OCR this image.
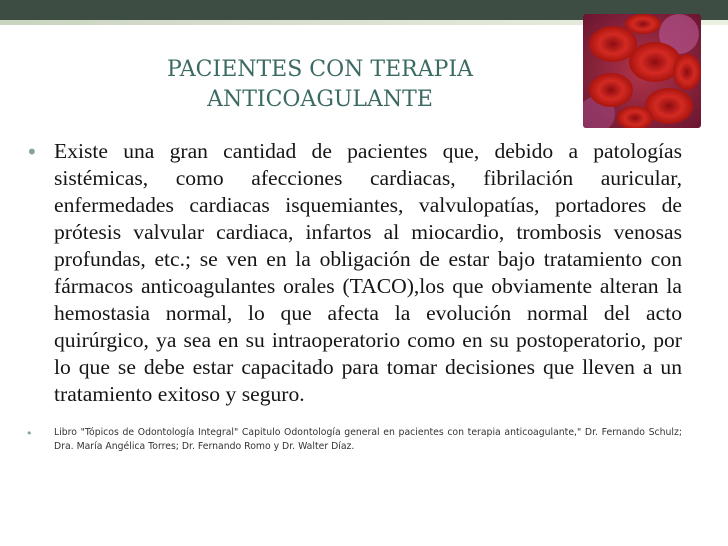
PACIENTES CON TERAPIA
ANTICOAGULANTE
• Existe una gran cantidad de pacientes que, debido a patologías sistémicas, como afecciones cardiacas, fibrilación auricular, enfermedades cardiacas isquemiantes, valvulopatías, portadores de prótesis valvular cardiaca, infartos al miocardio, trombosis venosas profundas, etc.; se ven en la obligación de estar bajo tratamiento con fármacos anticoagulantes orales (TACO),los que obviamente alteran la hemostasia normal, lo que afecta la evolución normal del acto quirúrgico, ya sea en su intraoperatorio como en su postoperatorio, por lo que se debe estar capacitado para tomar decisiones que lleven a un tratamiento exitoso y seguro.

• Libro "Tópicos de Odontología Integral" Capitulo Odontología general en pacientes con terapia anticoagulante," Dr. Fernando Schulz; Dra. María Angélica Torres; Dr. Fernando Romo y Dr. Walter Díaz.
